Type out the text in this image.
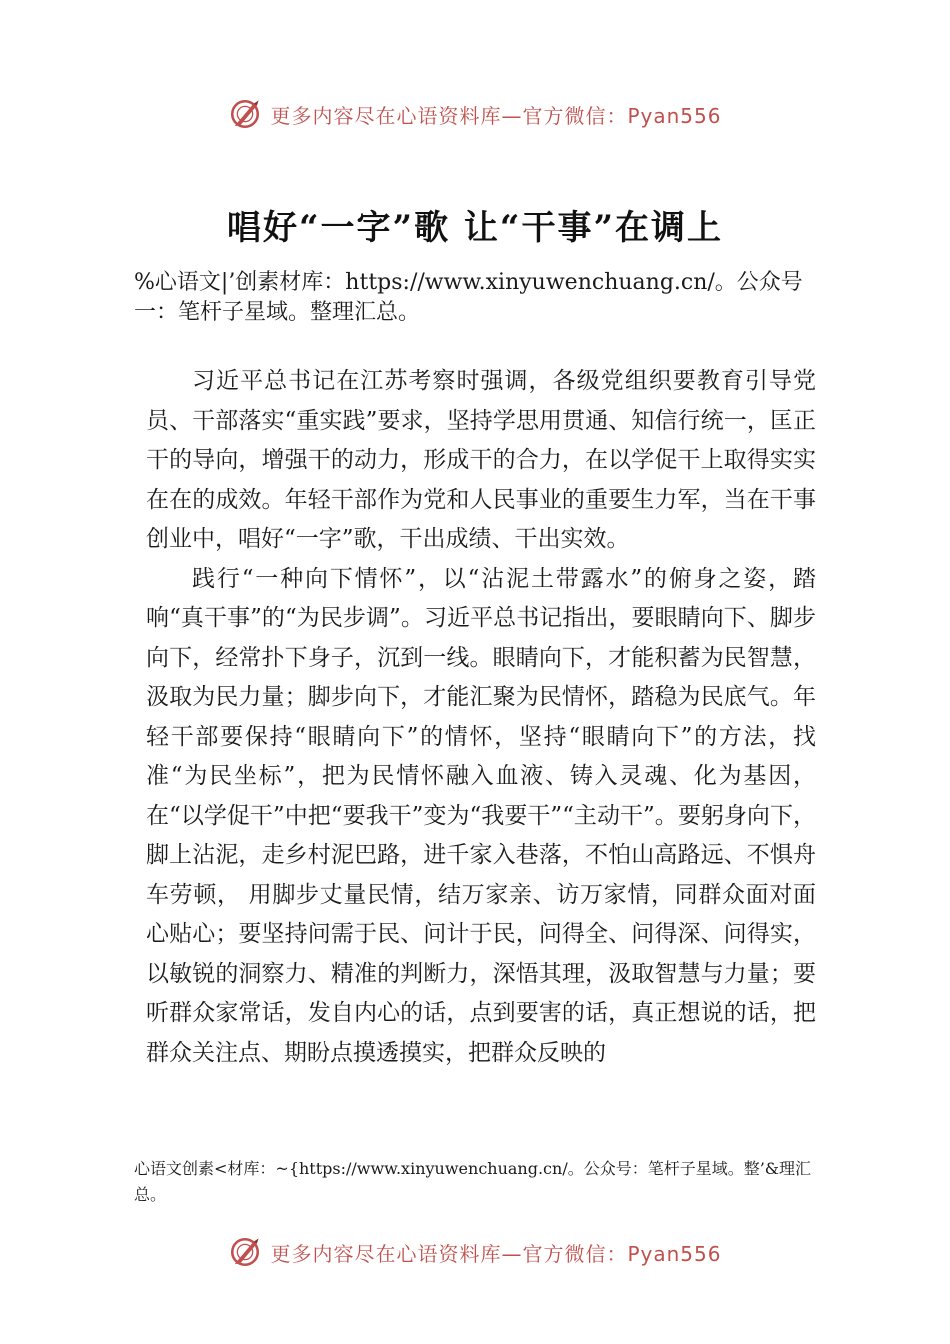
更多内容尽在心语资料库—官方微信：Pyan556
唱好“一字”歌 让“干事”在调上
%心语文|’创素材库：https://www.xinyuwenchuang.cn/。公众号一：笔杆子星域。整理汇总。

习近平总书记在江苏考察时强调，各级党组织要教育引导党员、干部落实“重实践”要求，坚持学思用贯通、知信行统一，匡正干的导向，增强干的动力，形成干的合力，在以学促干上取得实实在在的成效。年轻干部作为党和人民事业的重要生力军，当在干事创业中，唱好“一字”歌，干出成绩、干出实效。

践行“一种向下情怀”，以“沾泥土带露水”的俯身之姿，踏响“真干事”的“为民步调”。习近平总书记指出，要眼睛向下、脚步向下，经常扑下身子，沉到一线。眼睛向下，才能积蓄为民智慧，汲取为民力量；脚步向下，才能汇聚为民情怀，踏稳为民底气。年轻干部要保持“眼睛向下”的情怀，坚持“眼睛向下”的方法，找准“为民坐标”，把为民情怀融入血液、铸入灵魂、化为基因，在“以学促干”中把“要我干”变为“我要干”“主动干”。要躬身向下，脚上沾泥，走乡村泥巴路，进千家入巷落，不怕山高路远、不惧舟车劳顿， 用脚步丈量民情，结万家亲、访万家情，同群众面对面心贴心；要坚持问需于民、问计于民，问得全、问得深、问得实， 以敏锐的洞察力、精准的判断力，深悟其理，汲取智慧与力量；要听群众家常话，发自内心的话，点到要害的话，真正想说的话，把群众关注点、期盼点摸透摸实，把群众反映的

心语文创素<材库：~{https://www.xinyuwenchuang.cn/。公众号：笔杆子星域。整’&理汇总。
更多内容尽在心语资料库—官方微信：Pyan556
